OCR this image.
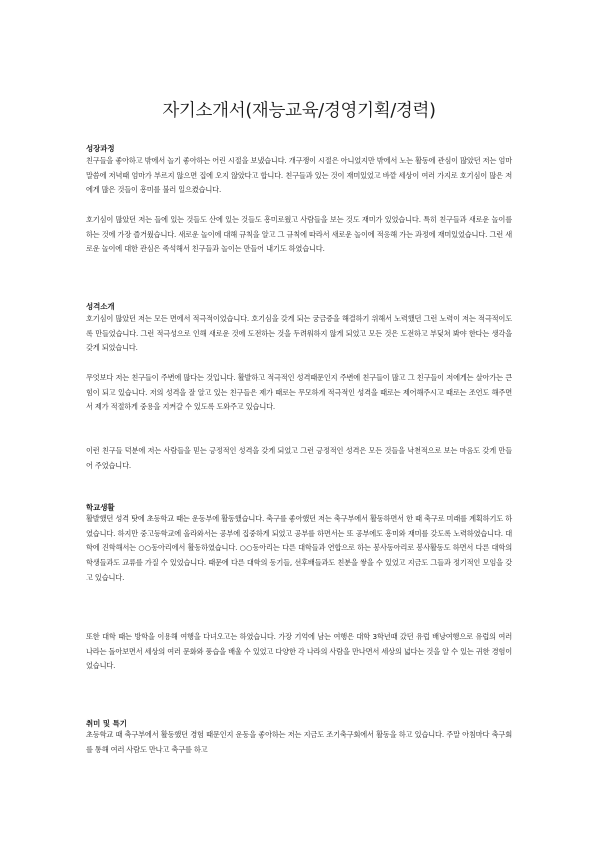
자기소개서(재능교육/경영기획/경력)
성장과정

친구들을 좋아하고 밖에서 놀기 좋아하는 어린 시절을 보냈습니다. 개구쟁이 시절은 아니었지만 밖에서 노는 활동에 관심이 많았던 저는 엄마 말씀에 저녁때 엄마가 부르지 않으면 집에 오지 않았다고 합니다. 친구들과 있는 것이 재미있었고 바깥 세상이 여러 가지로 호기심이 많은 저에게 많은 것들이 흥미를 불러 일으켰습니다.

호기심이 많았던 저는 들에 있는 것들도 산에 있는 것들도 흥미로웠고 사람들을 보는 것도 재미가 있었습니다. 특히 친구들과 새로운 놀이를 하는 것에 가장 즐거웠습니다. 새로운 놀이에 대해 규칙을 알고 그 규칙에 따라서 새로운 놀이에 적응해 가는 과정에 재미있었습니다. 그런 새로운 놀이에 대한 관심은 족석해서 친구들과 놀이는 만들어 내기도 하였습니다.

성격소개

호기심이 많았던 저는 모든 면에서 적극적이었습니다. 호기심을 갖게 되는 궁금증을 해결하기 위해서 노력했던 그런 노력이 저는 적극적이도록 만들었습니다. 그런 적극성으로 인해 새로운 것에 도전하는 것을 두려워하지 않게 되었고 모든 것은 도전하고 부딪쳐 봐야 한다는 생각을 갖게 되었습니다.

무엇보다 저는 친구들이 주변에 많다는 것입니다. 활발하고 적극적인 성격때문인지 주변에 친구들이 많고 그 친구들이 저에게는 살아가는 큰 힘이 되고 있습니다. 저의 성격을 잘 알고 있는 친구들은 제가 때로는 무모하게 적극적인 성격을 때로는 제어해주시고 때로는 조언도 해주면서 제가 적절하게 중용을 지켜갈 수 있도록 도와주고 있습니다.

이런 친구들 덕분에 저는 사람들을 믿는 긍정적인 성격을 갖게 되었고 그런 긍정적인 성격은 모든 것들을 낙천적으로 보는 마음도 갖게 만들어 주었습니다.

학교생활

활발했던 성격 탓에 초등학교 때는 운동부에 활동했습니다. 축구를 좋아했던 저는 축구부에서 활동하면서 한 때 축구로 미래를 계획하기도 하였습니다. 하지만 중고등학교에 올라와서는 공부에 집중하게 되었고 공부를 하면서는 또 공부에도 흥미와 재미를 갖도록 노력하였습니다. 대학에 진학해서는 ○○동아리에서 활동하였습니다. ○○동아리는 다른 대학들과 연합으로 하는 봉사동아리로 봉사활동도 하면서 다른 대학의 학생들과도 교류를 가질 수 있었습니다. 때문에 다른 대학의 동기들, 선후배들과도 친분을 쌓을 수 있었고 지금도 그들과 정기적인 모임을 갖고 있습니다.

또한 대학 때는 방학을 이용해 여행을 다녀오고는 하였습니다. 가장 기억에 남는 여행은 대학 3학년때 갔던 유럽 배낭여행으로 유럽의 여러 나라는 돌아보면서 세상의 여러 문화와 풍습을 배울 수 있었고 다양한 각 나라의 사람을 만나면서 세상의 넓다는 것을 알 수 있는 귀한 경험이었습니다.

취미 및 특기

초등학교 때 축구부에서 활동했던 경험 때문인지 운동을 좋아하는 저는 지금도 조기축구회에서 활동을 하고 있습니다. 주말 아침마다 축구회를 통해 여러 사람도 만나고 축구를 하고
